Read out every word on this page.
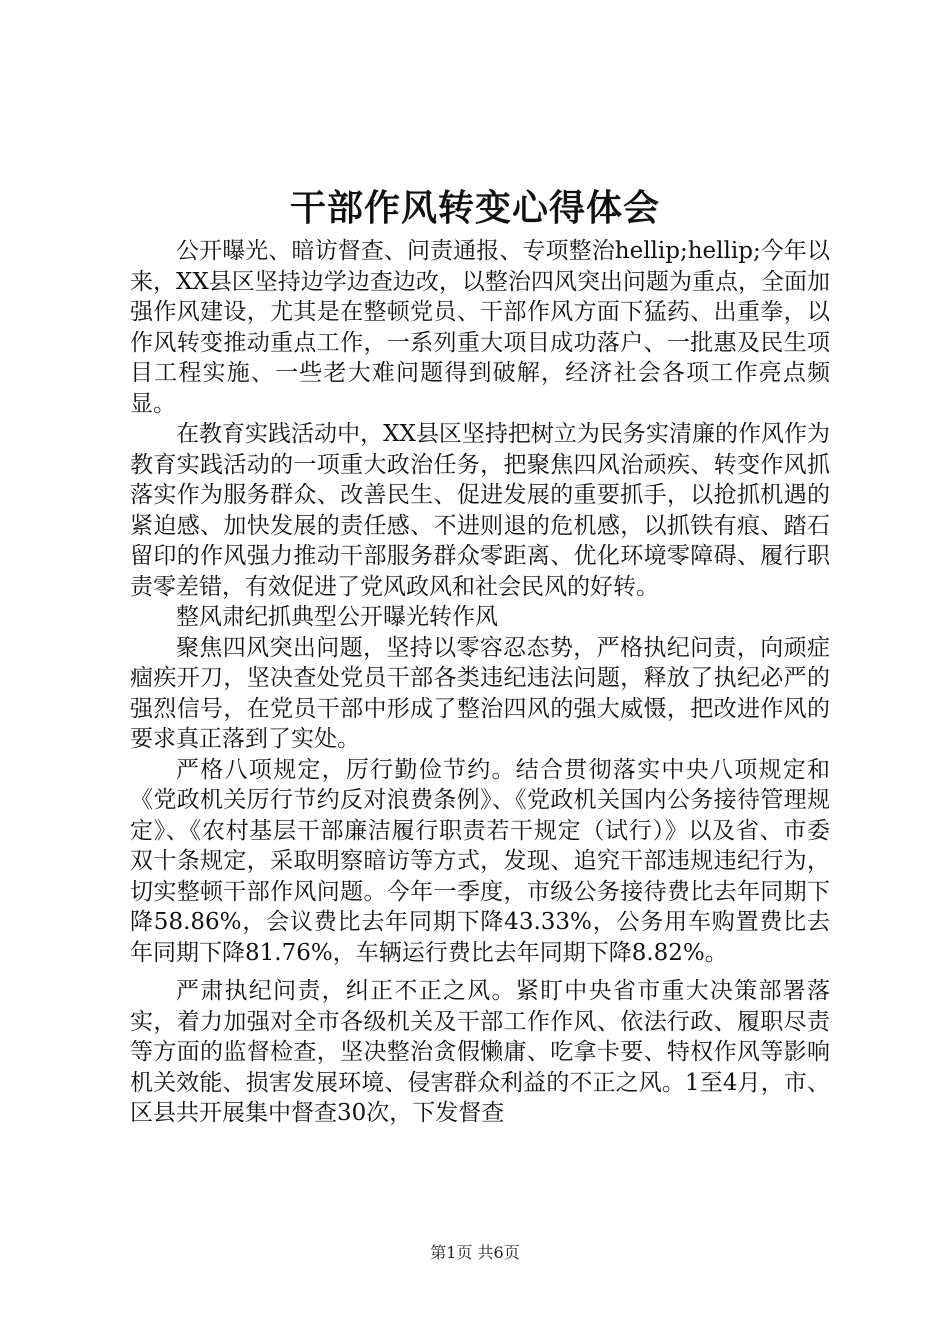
干部作风转变心得体会

公开曝光、暗访督查、问责通报、专项整治hellip;hellip;今年以来，XX县区坚持边学边查边改，以整治四风突出问题为重点，全面加强作风建设，尤其是在整顿党员、干部作风方面下猛药、出重拳，以作风转变推动重点工作，一系列重大项目成功落户、一批惠及民生项目工程实施、一些老大难问题得到破解，经济社会各项工作亮点频显。

在教育实践活动中，XX县区坚持把树立为民务实清廉的作风作为教育实践活动的一项重大政治任务，把聚焦四风治顽疾、转变作风抓落实作为服务群众、改善民生、促进发展的重要抓手，以抢抓机遇的紧迫感、加快发展的责任感、不进则退的危机感，以抓铁有痕、踏石留印的作风强力推动干部服务群众零距离、优化环境零障碍、履行职责零差错，有效促进了党风政风和社会民风的好转。

整风肃纪抓典型公开曝光转作风

聚焦四风突出问题，坚持以零容忍态势，严格执纪问责，向顽症痼疾开刀，坚决查处党员干部各类违纪违法问题，释放了执纪必严的强烈信号，在党员干部中形成了整治四风的强大威慑，把改进作风的要求真正落到了实处。

严格八项规定，厉行勤俭节约。结合贯彻落实中央八项规定和《党政机关厉行节约反对浪费条例》、《党政机关国内公务接待管理规定》、《农村基层干部廉洁履行职责若干规定（试行）》以及省、市委双十条规定，采取明察暗访等方式，发现、追究干部违规违纪行为，切实整顿干部作风问题。今年一季度，市级公务接待费比去年同期下降58.86%，会议费比去年同期下降43.33%，公务用车购置费比去年同期下降81.76%，车辆运行费比去年同期下降8.82%。

严肃执纪问责，纠正不正之风。紧盯中央省市重大决策部署落实，着力加强对全市各级机关及干部工作作风、依法行政、履职尽责等方面的监督检查，坚决整治贪假懒庸、吃拿卡要、特权作风等影响机关效能、损害发展环境、侵害群众利益的不正之风。1至4月，市、区县共开展集中督查30次，下发督查

第1页 共6页
